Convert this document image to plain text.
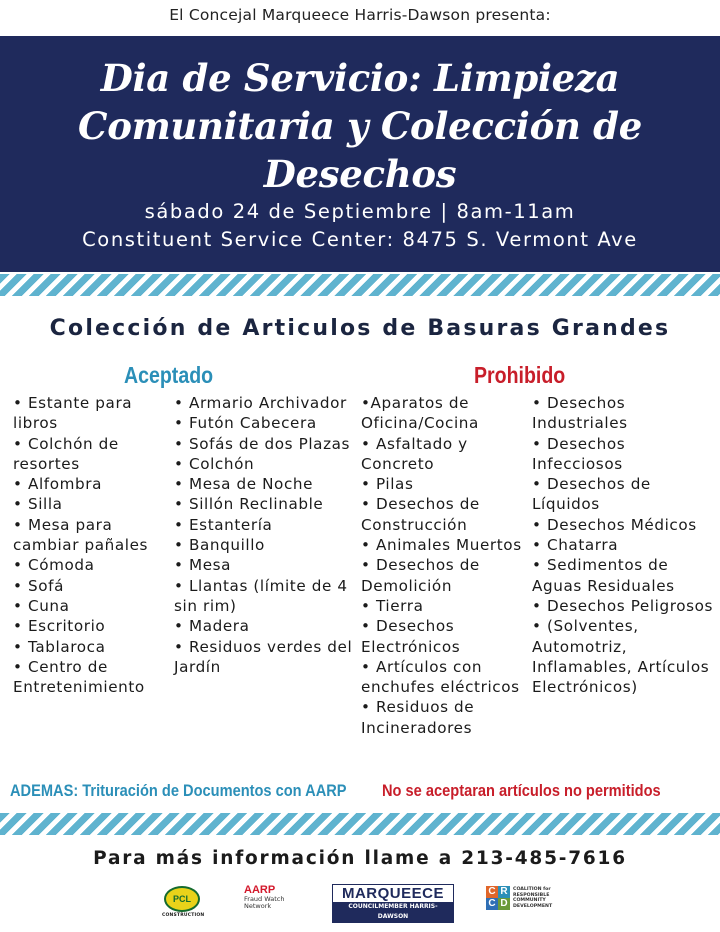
El Concejal Marqueece Harris-Dawson presenta:
Dia de Servicio: Limpieza
Comunitaria y Colección de Desechos
sábado 24 de Septiembre | 8am-11am
Constituent Service Center: 8475 S. Vermont Ave
Colección de Articulos de Basuras Grandes
Aceptado	Prohibido
• Estante para libros
• Colchón de resortes
• Alfombra
• Silla
• Mesa para cambiar pañales
• Cómoda
• Sofá
• Cuna
• Escritorio
• Tablaroca
• Centro de Entretenimiento
• Armario Archivador
• Futón Cabecera
• Sofás de dos Plazas
• Colchón
• Mesa de Noche
• Sillón Reclinable
• Estantería
• Banquillo
• Mesa
• Llantas (límite de 4 sin rim)
• Madera
• Residuos verdes del Jardín
•Aparatos de Oficina/Cocina
• Asfaltado y Concreto
• Pilas
• Desechos de Construcción
• Animales Muertos
• Desechos de Demolición
• Tierra
• Desechos Electrónicos
• Artículos con enchufes eléctricos
• Residuos de Incineradores
• Desechos Industriales
• Desechos Infecciosos
• Desechos de Líquidos
• Desechos Médicos
• Chatarra
• Sedimentos de Aguas Residuales
• Desechos Peligrosos
• (Solventes, Automotriz, Inflamables, Artículos Electrónicos)
ADEMAS: Trituración de Documentos con AARP No se aceptaran artículos no permitidos
Para más información llame a 213-485-7616
PCL
CONSTRUCTION
AARP
Fraud Watch Network
MARQUEECE
COUNCILMEMBER HARRIS-DAWSON
C R
C D
COALITION for RESPONSIBLE COMMUNITY DEVELOPMENT
